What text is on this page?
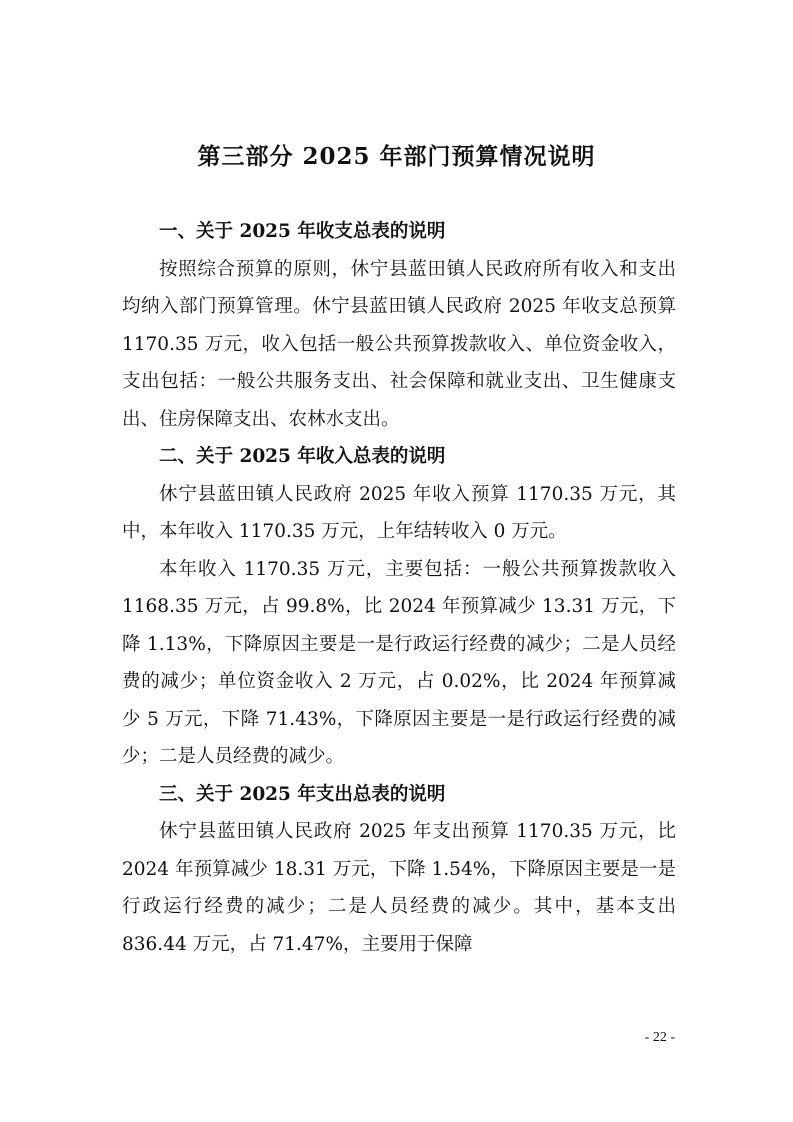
第三部分 2025 年部门预算情况说明

一、关于 2025 年收支总表的说明

按照综合预算的原则，休宁县蓝田镇人民政府所有收入和支出均纳入部门预算管理。休宁县蓝田镇人民政府 2025 年收支总预算 1170.35 万元，收入包括一般公共预算拨款收入、单位资金收入，支出包括：一般公共服务支出、社会保障和就业支出、卫生健康支出、住房保障支出、农林水支出。

二、关于 2025 年收入总表的说明

休宁县蓝田镇人民政府 2025 年收入预算 1170.35 万元，其中，本年收入 1170.35 万元，上年结转收入 0 万元。

本年收入 1170.35 万元，主要包括：一般公共预算拨款收入 1168.35 万元，占 99.8%，比 2024 年预算减少 13.31 万元，下降 1.13%，下降原因主要是一是行政运行经费的减少；二是人员经费的减少；单位资金收入 2 万元，占 0.02%，比 2024 年预算减少 5 万元，下降 71.43%，下降原因主要是一是行政运行经费的减少；二是人员经费的减少。

三、关于 2025 年支出总表的说明

休宁县蓝田镇人民政府 2025 年支出预算 1170.35 万元，比 2024 年预算减少 18.31 万元，下降 1.54%，下降原因主要是一是行政运行经费的减少；二是人员经费的减少。其中，基本支出 836.44 万元，占 71.47%，主要用于保障

- 22 -
